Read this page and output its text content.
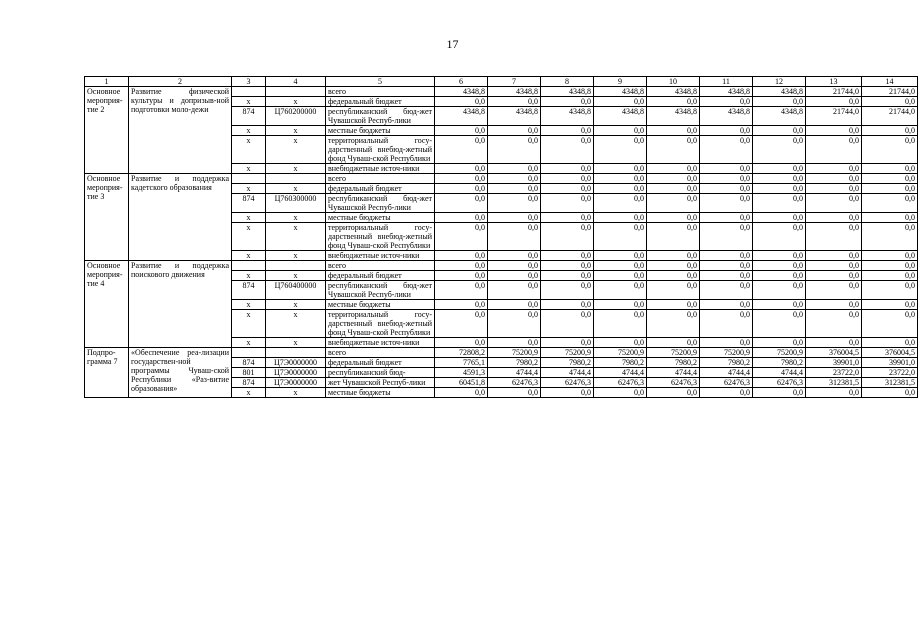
17
1	2	3	4	5	6	7	8	9	10	11	12	13	14
Основное мероприя-тие 2	Развитие физической культуры и допризыв-ной подготовки моло-дежи			всего	4348,8	4348,8	4348,8	4348,8	4348,8	4348,8	4348,8	21744,0	21744,0
		x	x	федеральный бюджет	0,0	0,0	0,0	0,0	0,0	0,0	0,0	0,0	0,0
		874	Ц760200000	республиканский бюд-жет Чувашской Респуб-лики	4348,8	4348,8	4348,8	4348,8	4348,8	4348,8	4348,8	21744,0	21744,0
		x	x	местные бюджеты	0,0	0,0	0,0	0,0	0,0	0,0	0,0	0,0	0,0
		x	x	территориальный госу-дарственный внебюд-жетный фонд Чуваш-ской Республики	0,0	0,0	0,0	0,0	0,0	0,0	0,0	0,0	0,0
		x	x	внебюджетные источ-ники	0,0	0,0	0,0	0,0	0,0	0,0	0,0	0,0	0,0
Основное мероприя-тие 3	Развитие и поддержка кадетского образования			всего	0,0	0,0	0,0	0,0	0,0	0,0	0,0	0,0	0,0
		x	x	федеральный бюджет	0,0	0,0	0,0	0,0	0,0	0,0	0,0	0,0	0,0
		874	Ц760300000	республиканский бюд-жет Чувашской Респуб-лики	0,0	0,0	0,0	0,0	0,0	0,0	0,0	0,0	0,0
		x	x	местные бюджеты	0,0	0,0	0,0	0,0	0,0	0,0	0,0	0,0	0,0
		x	x	территориальный госу-дарственный внебюд-жетный фонд Чуваш-ской Республики	0,0	0,0	0,0	0,0	0,0	0,0	0,0	0,0	0,0
		x	x	внебюджетные источ-ники	0,0	0,0	0,0	0,0	0,0	0,0	0,0	0,0	0,0
Основное мероприя-тие 4	Развитие и поддержка поискового движения			всего	0,0	0,0	0,0	0,0	0,0	0,0	0,0	0,0	0,0
		x	x	федеральный бюджет	0,0	0,0	0,0	0,0	0,0	0,0	0,0	0,0	0,0
		874	Ц760400000	республиканский бюд-жет Чувашской Респуб-лики	0,0	0,0	0,0	0,0	0,0	0,0	0,0	0,0	0,0
		x	x	местные бюджеты	0,0	0,0	0,0	0,0	0,0	0,0	0,0	0,0	0,0
		x	x	территориальный госу-дарственный внебюд-жетный фонд Чуваш-ской Республики	0,0	0,0	0,0	0,0	0,0	0,0	0,0	0,0	0,0
		x	x	внебюджетные источ-ники	0,0	0,0	0,0	0,0	0,0	0,0	0,0	0,0	0,0
Подпро-грамма 7	«Обеспечение реа-лизации государствен-ной программы Чуваш-ской Республики «Раз-витие образования»			всего	72808,2	75200,9	75200,9	75200,9	75200,9	75200,9	75200,9	376004,5	376004,5
		874	Ц7Э0000000	федеральный бюджет	7765,1	7980,2	7980,2	7980,2	7980,2	7980,2	7980,2	39901,0	39901,0
		801	Ц7Э0000000	республиканский бюд-	4591,3	4744,4	4744,4	4744,4	4744,4	4744,4	4744,4	23722,0	23722,0
		874	Ц7Э0000000	жет Чувашской Респуб-лики	60451,8	62476,3	62476,3	62476,3	62476,3	62476,3	62476,3	312381,5	312381,5
		x	x	местные бюджеты	0,0	0,0	0,0	0,0	0,0	0,0	0,0	0,0	0,0
